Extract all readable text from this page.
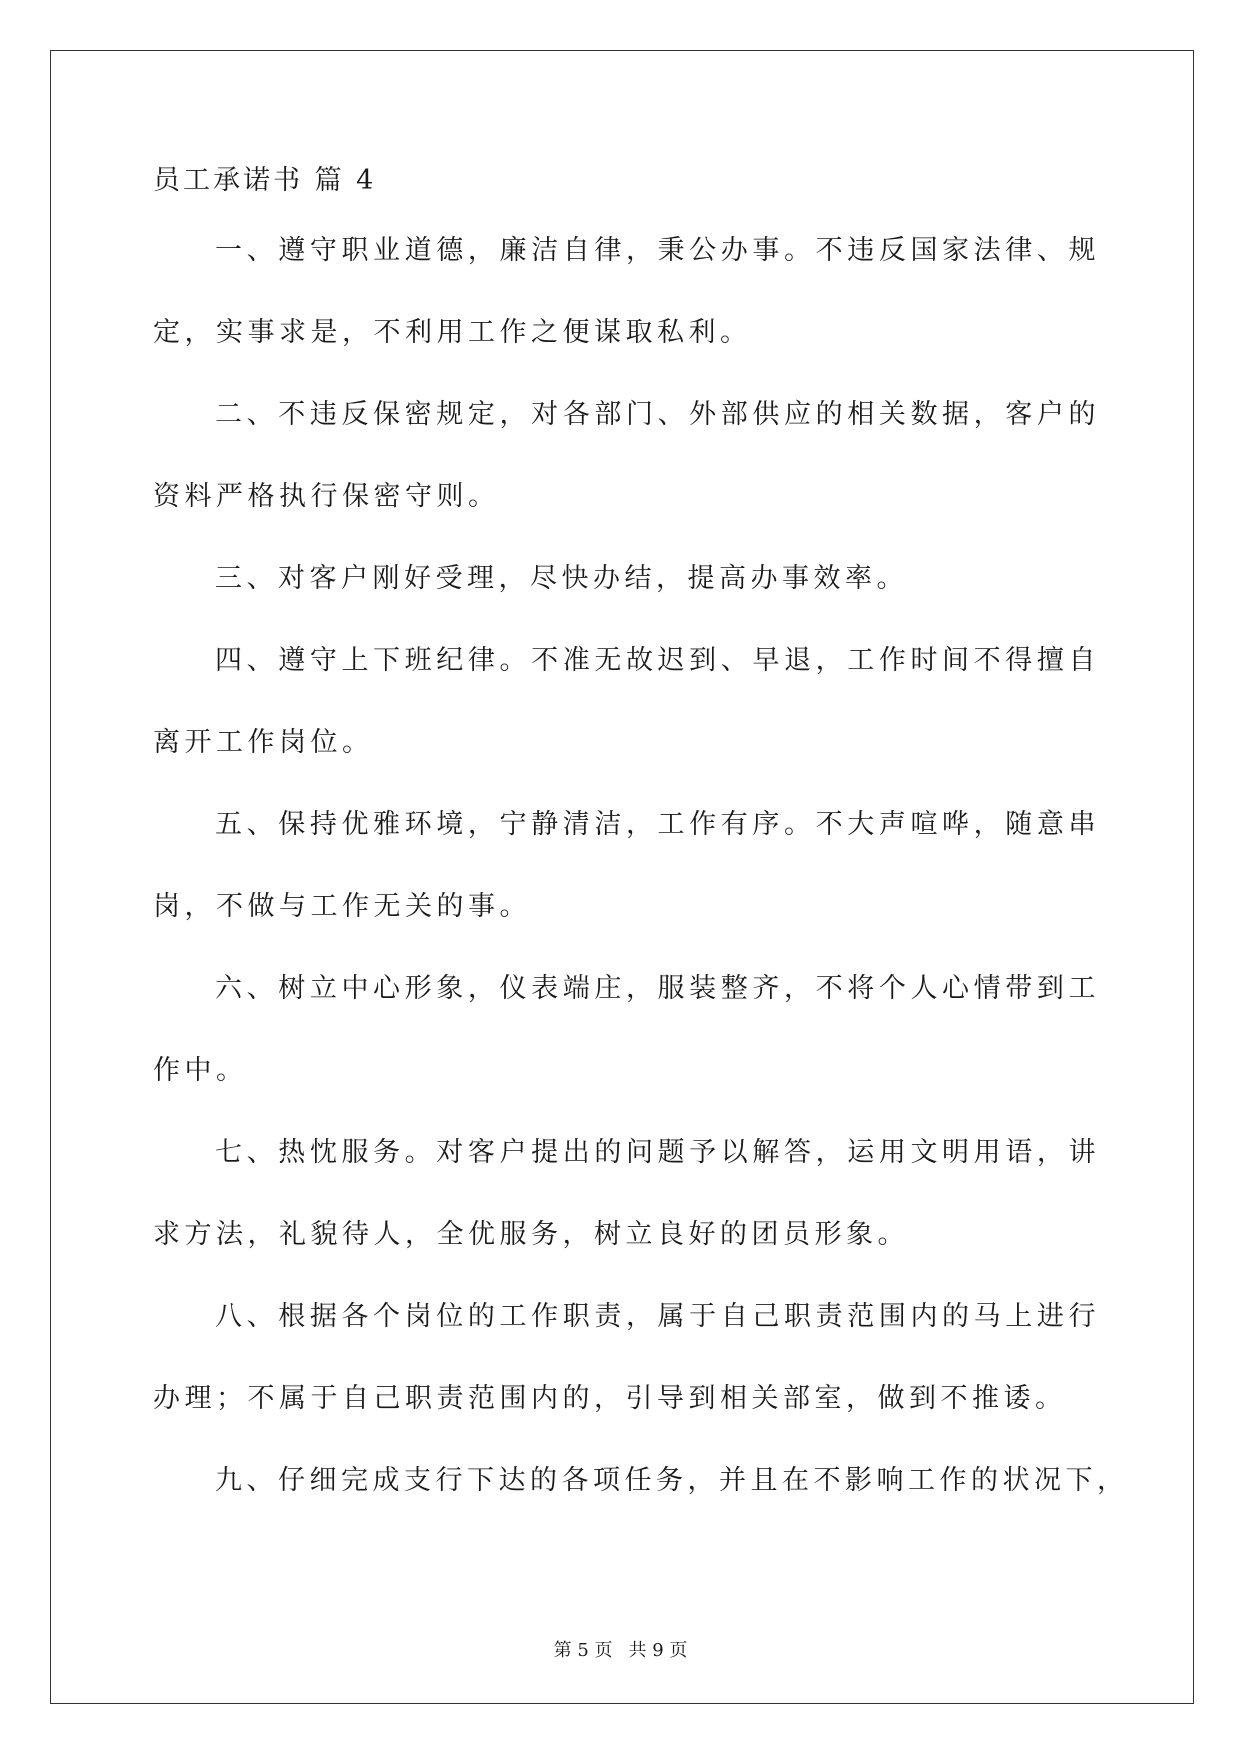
员工承诺书 篇 4

一、遵守职业道德，廉洁自律，秉公办事。不违反国家法律、规定，实事求是，不利用工作之便谋取私利。

二、不违反保密规定，对各部门、外部供应的相关数据，客户的资料严格执行保密守则。

三、对客户刚好受理，尽快办结，提高办事效率。

四、遵守上下班纪律。不准无故迟到、早退，工作时间不得擅自离开工作岗位。

五、保持优雅环境，宁静清洁，工作有序。不大声喧哗，随意串岗，不做与工作无关的事。

六、树立中心形象，仪表端庄，服装整齐，不将个人心情带到工作中。

七、热忱服务。对客户提出的问题予以解答，运用文明用语，讲求方法，礼貌待人，全优服务，树立良好的团员形象。

八、根据各个岗位的工作职责，属于自己职责范围内的马上进行办理；不属于自己职责范围内的，引导到相关部室，做到不推诿。

九、仔细完成支行下达的各项任务，并且在不影响工作的状况下，

第 5 页 共 9 页
